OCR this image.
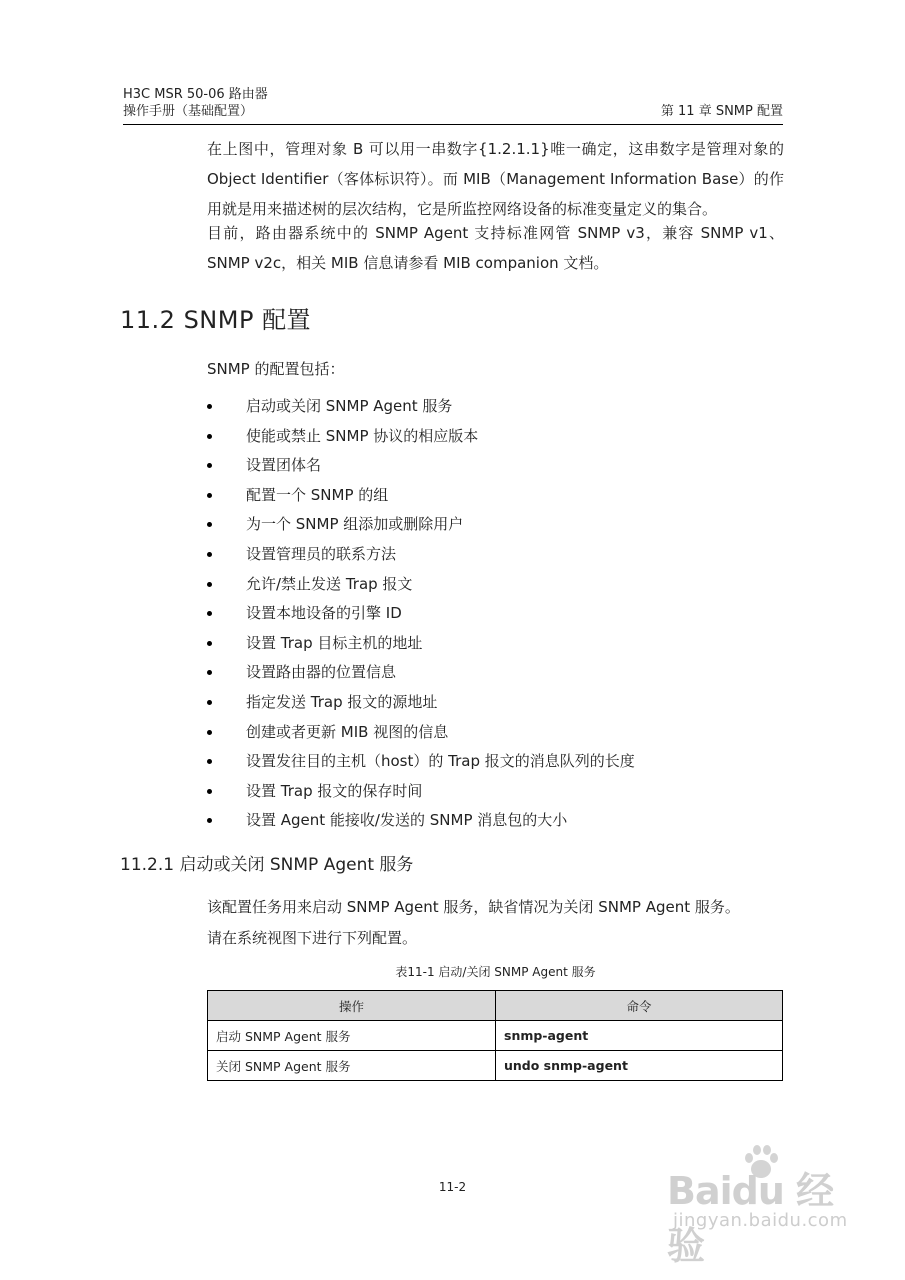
H3C MSR 50-06 路由器
操作手册（基础配置）	第 11 章 SNMP 配置

在上图中，管理对象 B 可以用一串数字{1.2.1.1}唯一确定，这串数字是管理对象的 Object Identifier（客体标识符）。而 MIB（Management Information Base）的作用就是用来描述树的层次结构，它是所监控网络设备的标准变量定义的集合。

目前，路由器系统中的 SNMP Agent 支持标准网管 SNMP v3，兼容 SNMP v1、SNMP v2c，相关 MIB 信息请参看 MIB companion 文档。

11.2 SNMP 配置

SNMP 的配置包括：

启动或关闭 SNMP Agent 服务
使能或禁止 SNMP 协议的相应版本
设置团体名
配置一个 SNMP 的组
为一个 SNMP 组添加或删除用户
设置管理员的联系方法
允许/禁止发送 Trap 报文
设置本地设备的引擎 ID
设置 Trap 目标主机的地址
设置路由器的位置信息
指定发送 Trap 报文的源地址
创建或者更新 MIB 视图的信息
设置发往目的主机（host）的 Trap 报文的消息队列的长度
设置 Trap 报文的保存时间
设置 Agent 能接收/发送的 SNMP 消息包的大小
11.2.1 启动或关闭 SNMP Agent 服务

该配置任务用来启动 SNMP Agent 服务，缺省情况为关闭 SNMP Agent 服务。

请在系统视图下进行下列配置。

表11-1 启动/关闭 SNMP Agent 服务

操作	命令
启动 SNMP Agent 服务	snmp-agent
关闭 SNMP Agent 服务	undo snmp-agent
11-2	Baidu 经验
jingyan.baidu.com
